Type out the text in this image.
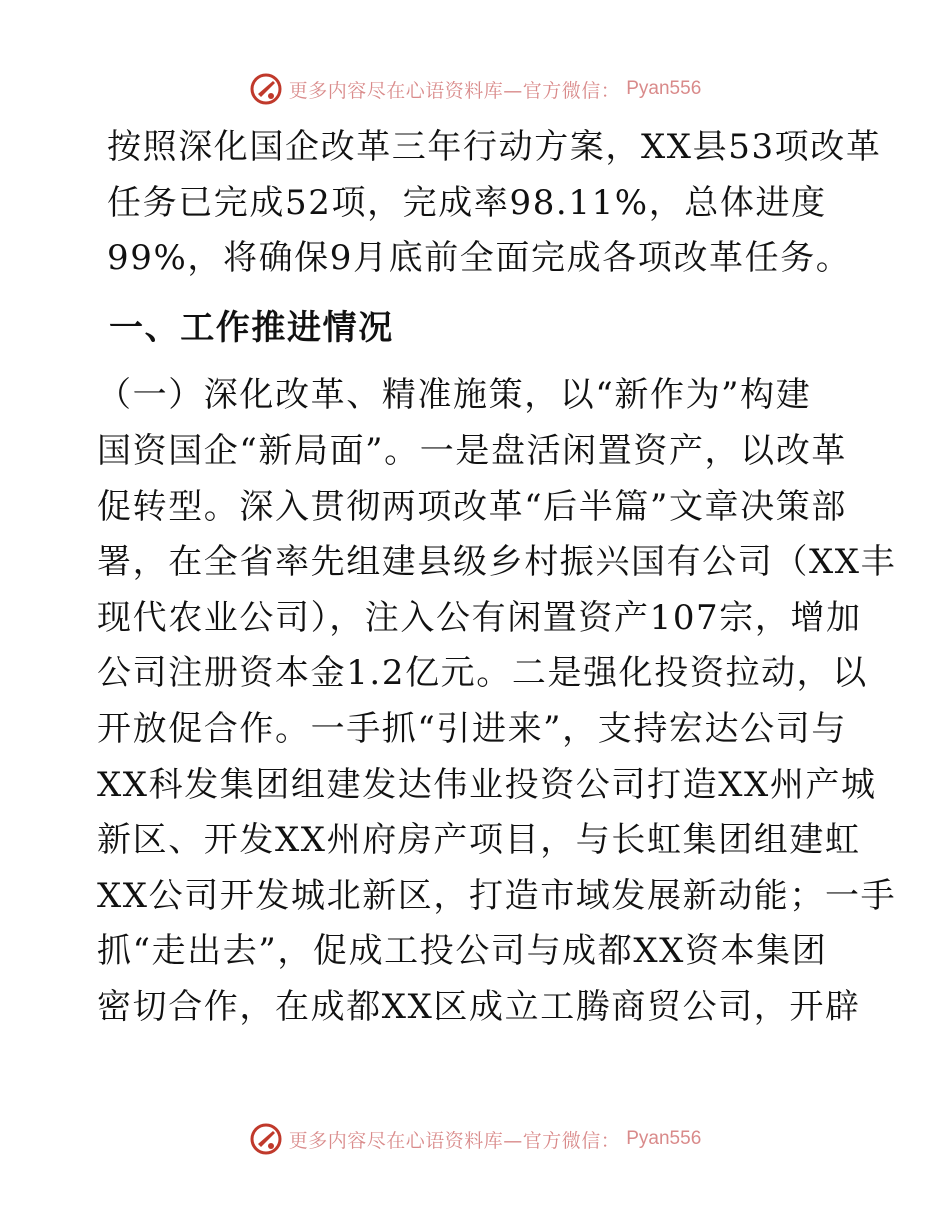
更多内容尽在心语资料库—官方微信： Pyan556

按照深化国企改革三年行动方案，XX县53项改革
任务已完成52项，完成率98.11%，总体进度
99%，将确保9月底前全面完成各项改革任务。

一、工作推进情况

（一）深化改革、精准施策，以“新作为”构建
国资国企“新局面”。一是盘活闲置资产，以改革
促转型。深入贯彻两项改革“后半篇”文章决策部
署，在全省率先组建县级乡村振兴国有公司（XX丰
现代农业公司），注入公有闲置资产107宗，增加
公司注册资本金1.2亿元。二是强化投资拉动，以
开放促合作。一手抓“引进来”，支持宏达公司与
XX科发集团组建发达伟业投资公司打造XX州产城
新区、开发XX州府房产项目，与长虹集团组建虹
XX公司开发城北新区，打造市域发展新动能；一手
抓“走出去”，促成工投公司与成都XX资本集团
密切合作，在成都XX区成立工腾商贸公司，开辟

更多内容尽在心语资料库—官方微信： Pyan556
